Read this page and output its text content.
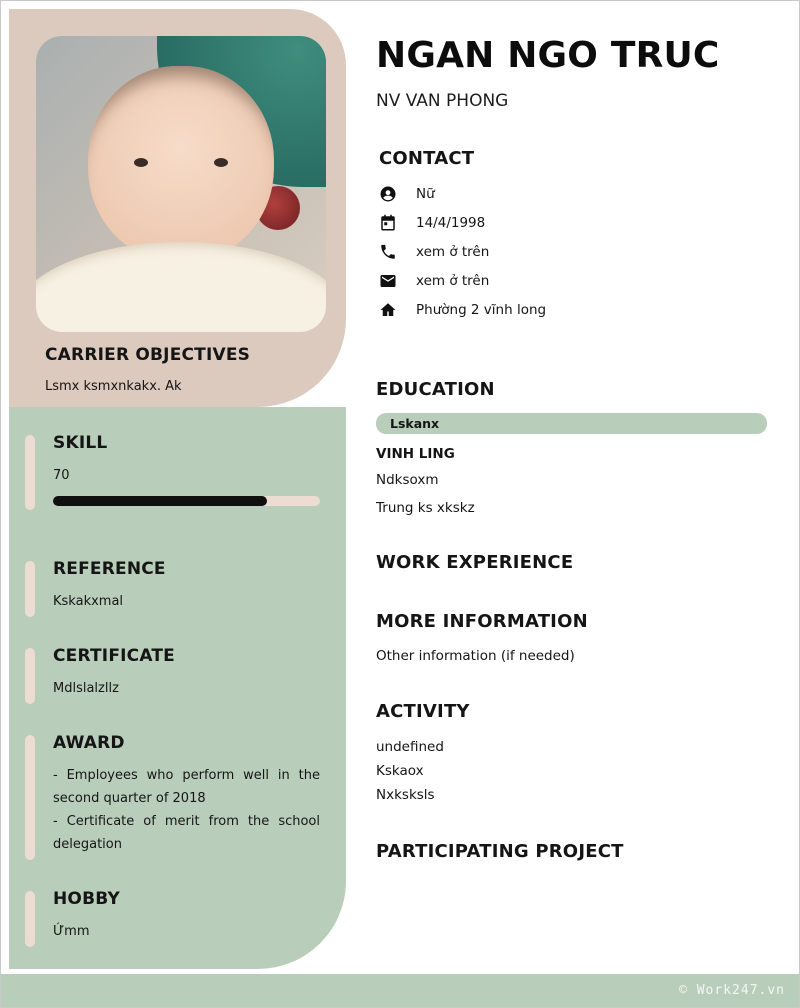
CARRIER OBJECTIVES
Lsmx ksmxnkakx. Ak
SKILL
70
REFERENCE
Kskakxmal
CERTIFICATE
Mdlslalzllz
AWARD

- Employees who perform well in the second quarter of 2018

- Certificate of merit from the school delegation

HOBBY
Ứmm
NGAN NGO TRUC
NV VAN PHONG
CONTACT
Nữ
14/4/1998
xem ở trên
xem ở trên
Phường 2 vĩnh long
EDUCATION
Lskanx
VINH LING
Ndksoxm
Trung ks xkskz
WORK EXPERIENCE
MORE INFORMATION
Other information (if needed)
ACTIVITY
undefined
Kskaox
Nxksksls
PARTICIPATING PROJECT
© Work247.vn
